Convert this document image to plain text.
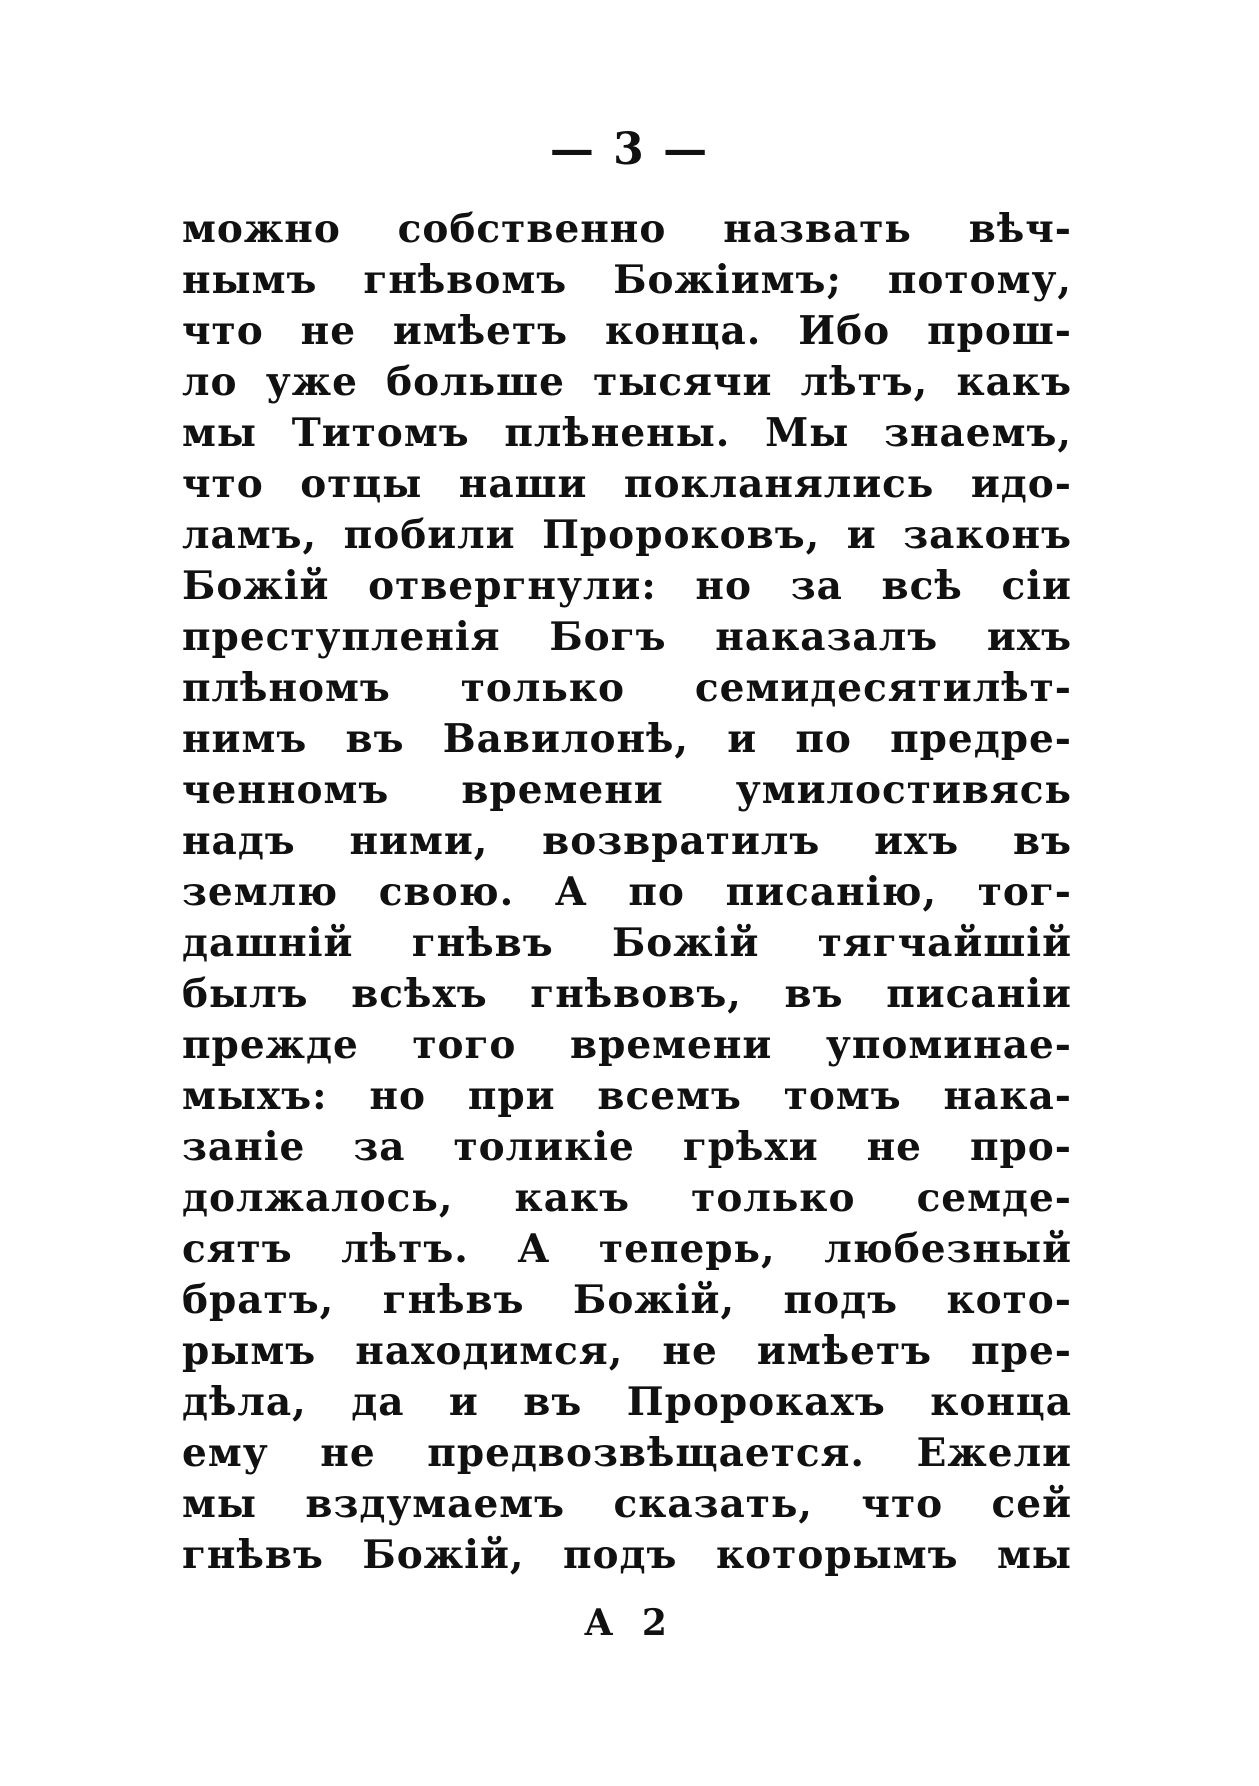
— 3 —
можно собственно назвать вѣч-
нымъ гнѣвомъ Божіимъ; потому,
что не имѣетъ конца. Ибо прош-
ло уже больше тысячи лѣтъ, какъ
мы Титомъ плѣнены. Мы знаемъ,
что отцы наши покланялись идо-
ламъ, побили Пророковъ, и законъ
Божій отвергнули: но за всѣ сіи
преступленія Богъ наказалъ ихъ
плѣномъ только семидесятилѣт-
нимъ въ Вавилонѣ, и по предре-
ченномъ времени умилостивясь
надъ ними, возвратилъ ихъ въ
землю свою. А по писанію, тог-
дашній гнѣвъ Божій тягчайшій
былъ всѣхъ гнѣвовъ, въ писаніи
прежде того времени упоминае-
мыхъ: но при всемъ томъ нака-
заніе за толикіе грѣхи не про-
должалось, какъ только семде-
сятъ лѣтъ. А теперь, любезный
братъ, гнѣвъ Божій, подъ кото-
рымъ находимся, не имѣетъ пре-
дѣла, да и въ Пророкахъ конца
ему не предвозвѣщается. Ежели
мы вздумаемъ сказать, что сей
гнѣвъ Божій, подъ которымъ мы
А 2
